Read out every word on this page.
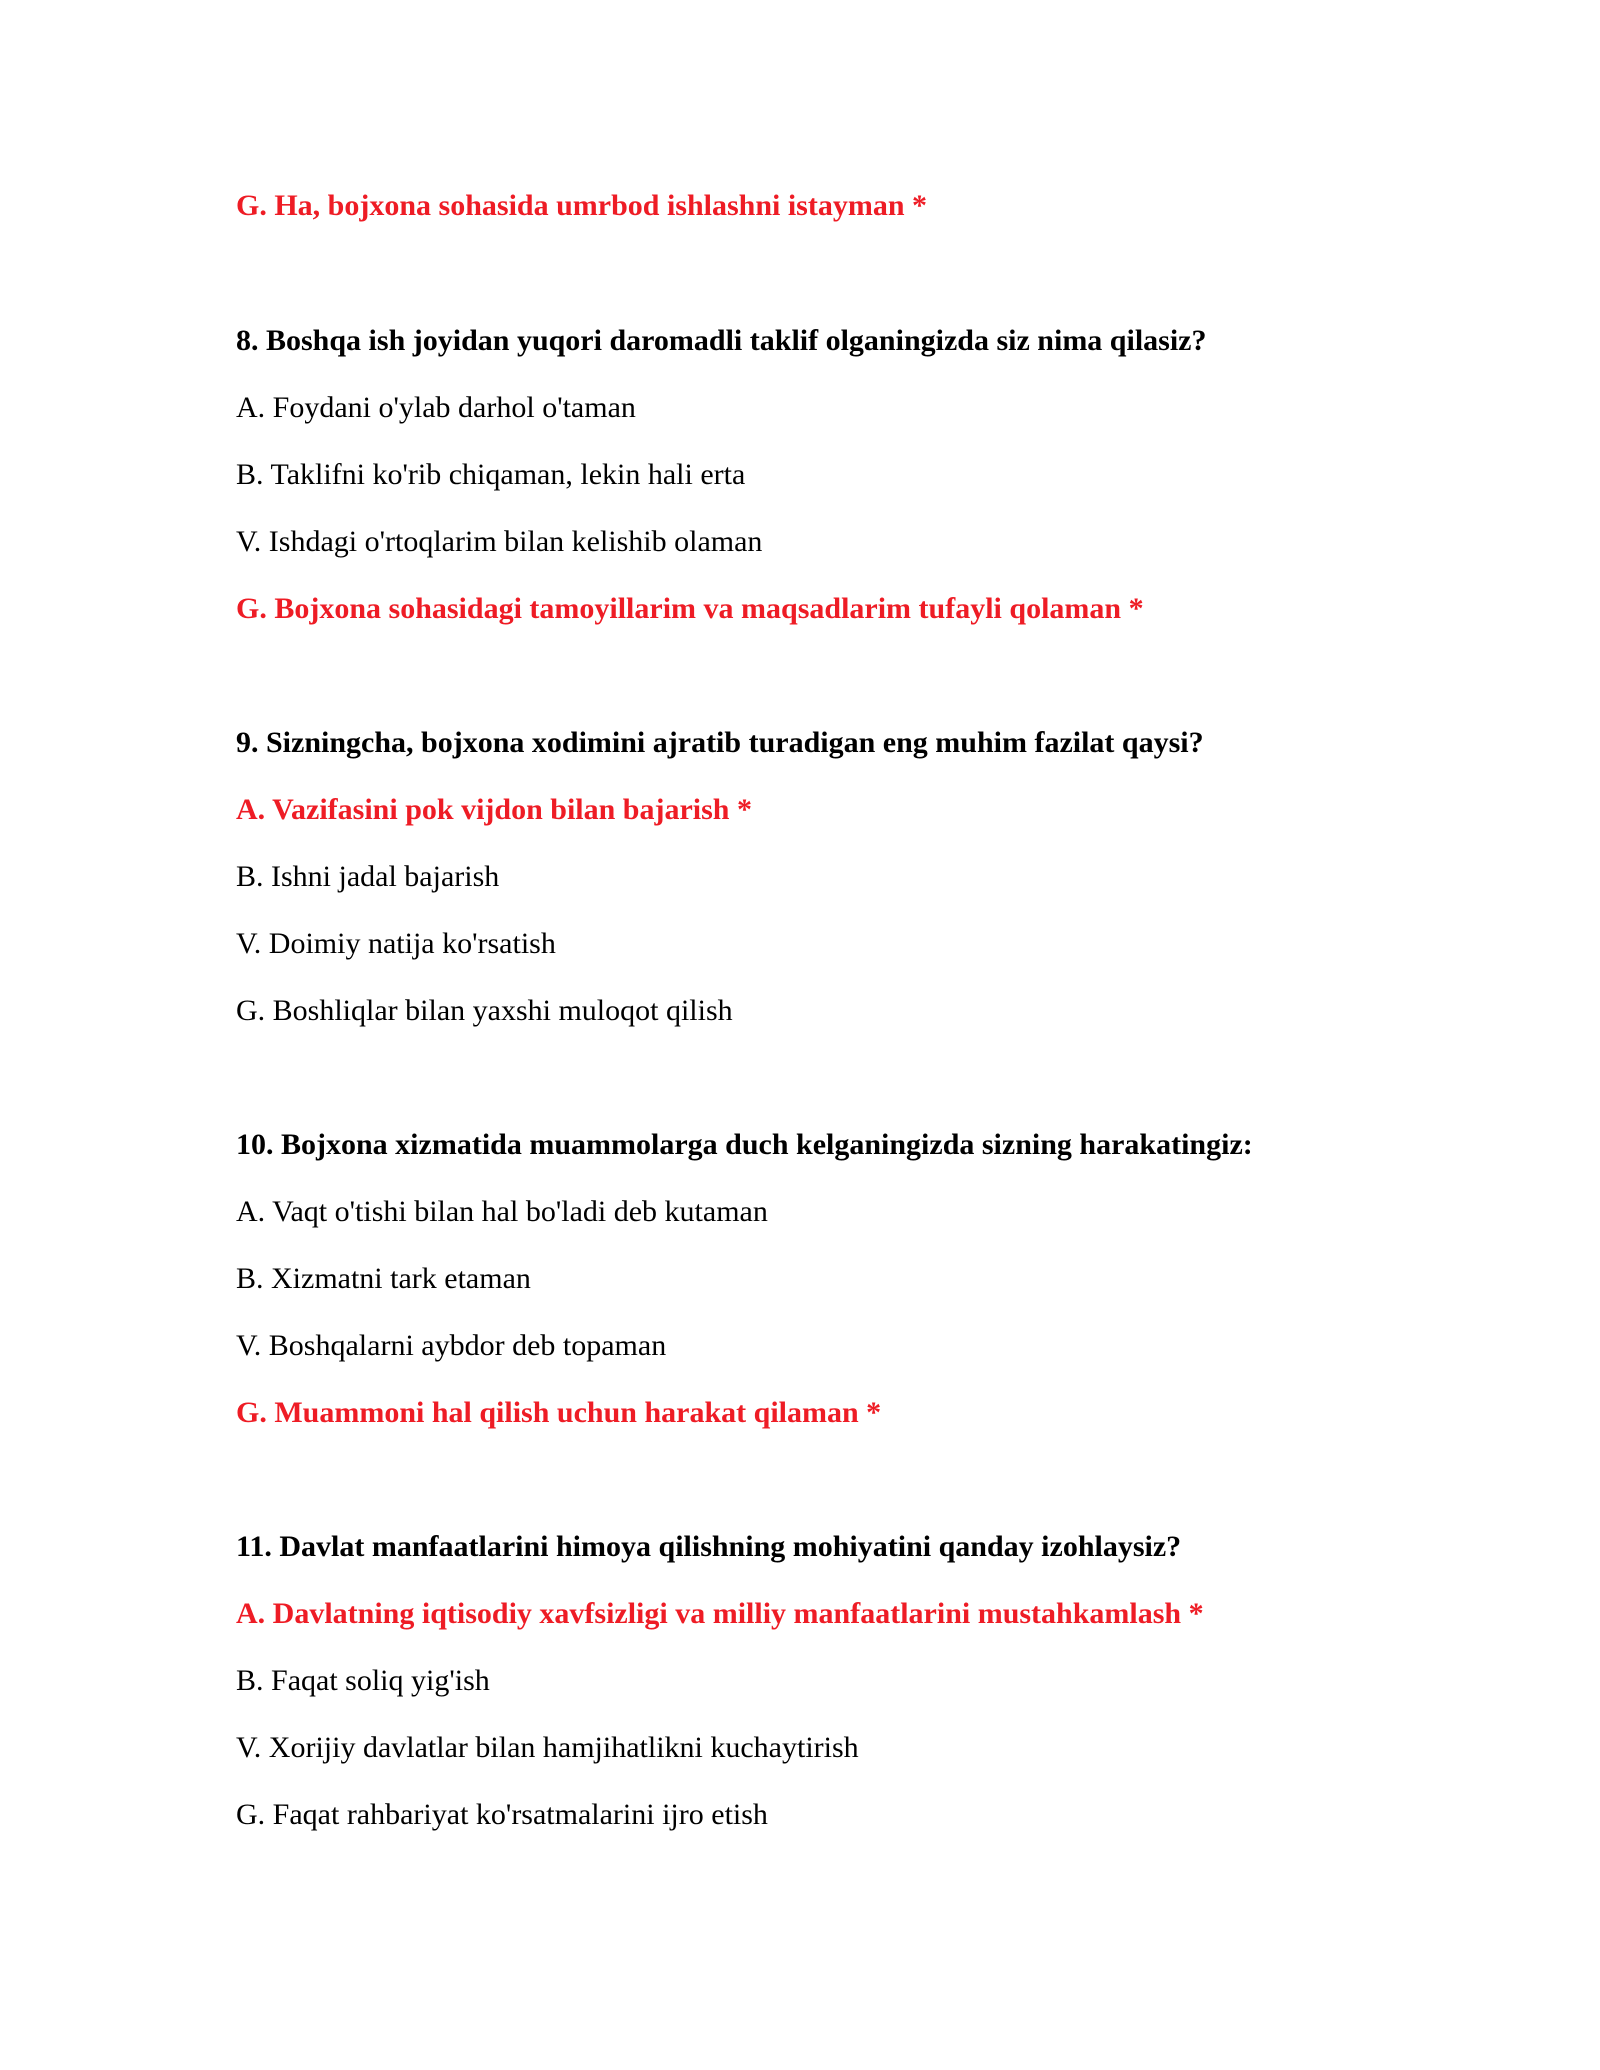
G. Ha, bojxona sohasida umrbod ishlashni istayman *
8. Boshqa ish joyidan yuqori daromadli taklif olganingizda siz nima qilasiz?
A. Foydani o'ylab darhol o'taman
B. Taklifni ko'rib chiqaman, lekin hali erta
V. Ishdagi o'rtoqlarim bilan kelishib olaman
G. Bojxona sohasidagi tamoyillarim va maqsadlarim tufayli qolaman *
9. Sizningcha, bojxona xodimini ajratib turadigan eng muhim fazilat qaysi?
A. Vazifasini pok vijdon bilan bajarish *
B. Ishni jadal bajarish
V. Doimiy natija ko'rsatish
G. Boshliqlar bilan yaxshi muloqot qilish
10. Bojxona xizmatida muammolarga duch kelganingizda sizning harakatingiz:
A. Vaqt o'tishi bilan hal bo'ladi deb kutaman
B. Xizmatni tark etaman
V. Boshqalarni aybdor deb topaman
G. Muammoni hal qilish uchun harakat qilaman *
11. Davlat manfaatlarini himoya qilishning mohiyatini qanday izohlaysiz?
A. Davlatning iqtisodiy xavfsizligi va milliy manfaatlarini mustahkamlash *
B. Faqat soliq yig'ish
V. Xorijiy davlatlar bilan hamjihatlikni kuchaytirish
G. Faqat rahbariyat ko'rsatmalarini ijro etish
